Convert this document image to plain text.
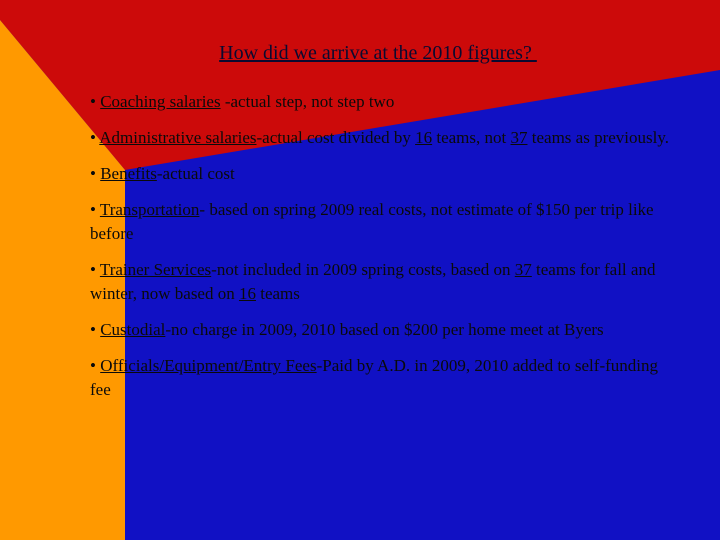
How did we arrive at the 2010 figures?

• Coaching salaries -actual step, not step two

• Administrative salaries-actual cost divided by 16 teams, not 37 teams as previously.

• Benefits-actual cost

• Transportation- based on spring 2009 real costs, not estimate of $150 per trip like before

• Trainer Services-not included in 2009 spring costs, based on 37 teams for fall and winter, now based on 16 teams

• Custodial-no charge in 2009, 2010 based on $200 per home meet at Byers

• Officials/Equipment/Entry Fees-Paid by A.D. in 2009, 2010 added to self-funding fee
